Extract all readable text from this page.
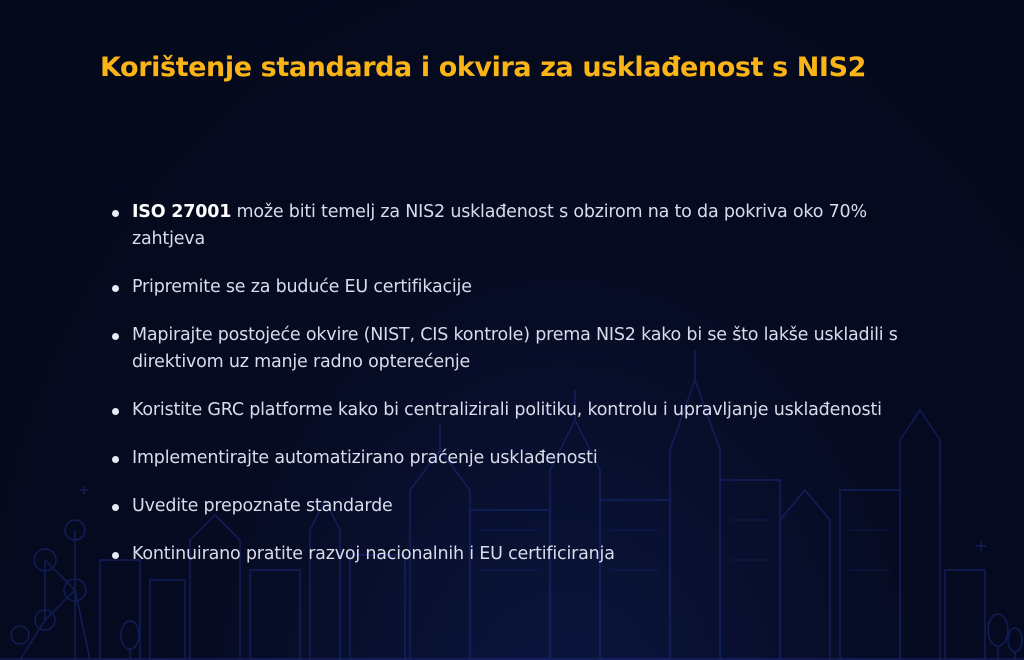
Korištenje standarda i okvira za usklađenost s NIS2
ISO 27001 može biti temelj za NIS2 usklađenost s obzirom na to da pokriva oko 70% zahtjeva
Pripremite se za buduće EU certifikacije
Mapirajte postojeće okvire (NIST, CIS kontrole) prema NIS2 kako bi se što lakše uskladili s direktivom uz manje radno opterećenje
Koristite GRC platforme kako bi centralizirali politiku, kontrolu i upravljanje usklađenosti
Implementirajte automatizirano praćenje usklađenosti
Uvedite prepoznate standarde
Kontinuirano pratite razvoj nacionalnih i EU certificiranja
